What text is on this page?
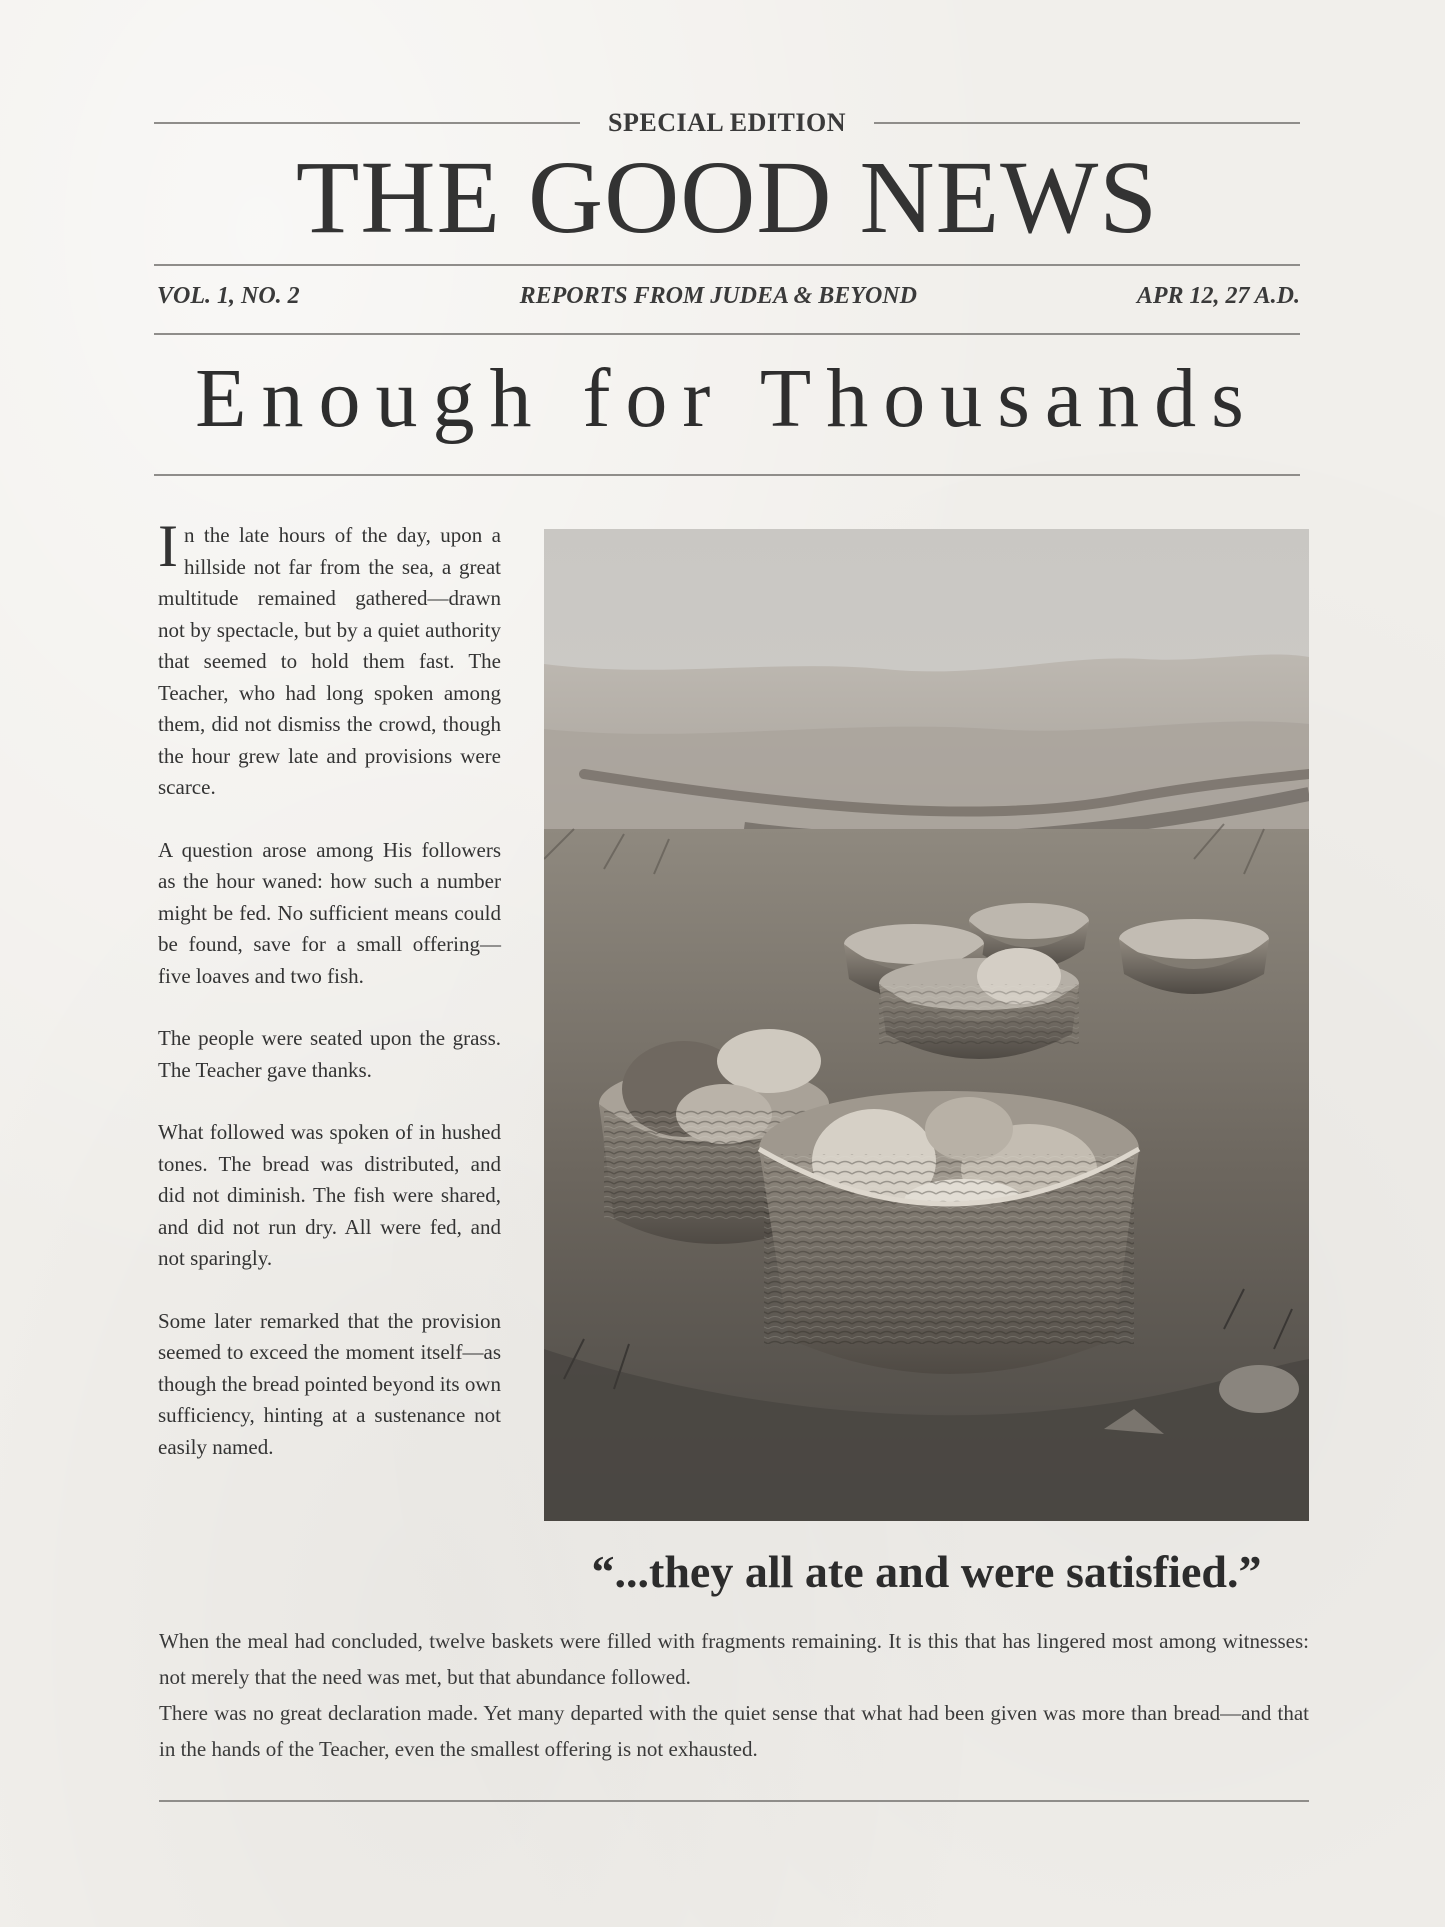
SPECIAL EDITION
THE GOOD NEWS
VOL. 1, NO. 2	REPORTS FROM JUDEA & BEYOND	APR 12, 27 A.D.
Enough for Thousands

In the late hours of the day, upon a hillside not far from the sea, a great multitude remained gathered—drawn not by spectacle, but by a quiet authority that seemed to hold them fast. The Teacher, who had long spoken among them, did not dismiss the crowd, though the hour grew late and provisions were scarce.

A question arose among His followers as the hour waned: how such a number might be fed. No sufficient means could be found, save for a small offering—five loaves and two fish.

The people were seated upon the grass. The Teacher gave thanks.

What followed was spoken of in hushed tones. The bread was distributed, and did not diminish. The fish were shared, and did not run dry. All were fed, and not sparingly.

Some later remarked that the provision seemed to exceed the moment itself—as though the bread pointed beyond its own sufficiency, hinting at a sustenance not easily named.

“...they all ate and were satisfied.”

When the meal had concluded, twelve baskets were filled with fragments remaining. It is this that has lingered most among witnesses: not merely that the need was met, but that abundance followed.

There was no great declaration made. Yet many departed with the quiet sense that what had been given was more than bread—and that in the hands of the Teacher, even the smallest offering is not exhausted.
